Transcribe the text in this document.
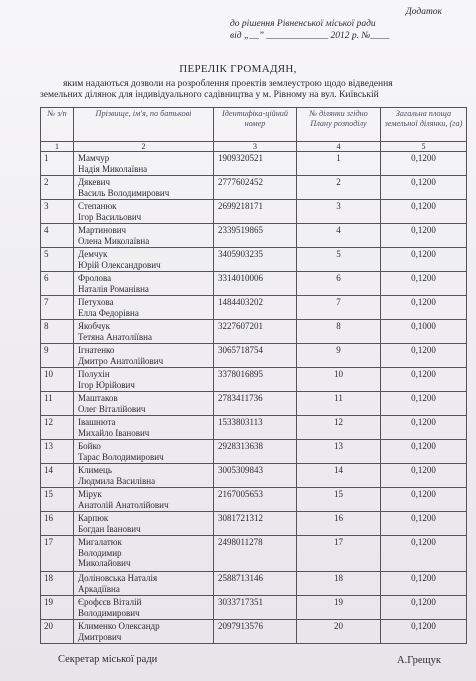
Додаток
до рішення Рівненської міської ради
від „__” _____________ 2012 р. №____
ПЕРЕЛІК ГРОМАДЯН,
яким надаються дозволи на розроблення проектів землеустрою щодо відведення
земельних ділянок для індивідуального садівництва у м. Рівному на вул. Київській
№ з/п	Прізвище, ім'я, по батькові	Ідентифіка-ційний номер	№ ділянки згідно Плану розподілу	Загальна площа земельної ділянки, (га)
1	2	3	4	5

1	Мамчур
Надія Миколаївна	1909320521	1	0,1200

2	Дякевич
Василь Володимирович	2777602452	2	0,1200

3	Степанюк
Ігор Васильович	2699218171	3	0,1200

4	Мартинович
Олена Миколаївна	2339519865	4	0,1200

5	Демчук
Юрій Олександрович	3405903235	5	0,1200

6	Фролова
Наталія Романівна	3314010006	6	0,1200

7	Петухова
Елла Федорівна	1484403202	7	0,1200

8	Якобчук
Тетяна Анатоліївна	3227607201	8	0,1000

9	Ігнатенко
Дмитро Анатолійович	3065718754	9	0,1200

10	Полухін
Ігор Юрійович	3378016895	10	0,1200

11	Маштаков
Олег Віталійович	2783411736	11	0,1200

12	Івашнюта
Михайло Іванович	1533803113	12	0,1200

13	Бойко
Тарас Володимирович	2928313638	13	0,1200

14	Климець
Людмила Василівна	3005309843	14	0,1200

15	Мірук
Анатолій Анатолійович	2167005653	15	0,1200

16	Карпюк
Богдан Іванович	3081721312	16	0,1200

17	Мигалатюк
Володимир
Миколайович	2498011278	17	0,1200

18	Доліновська Наталія
Аркадіївна	2588713146	18	0,1200

19	Єрофєєв Віталій
Володимирович	3033717351	19	0,1200

20	Клименко Олександр
Дмитрович	2097913576	20	0,1200
Секретар міської ради	А.Грещук
